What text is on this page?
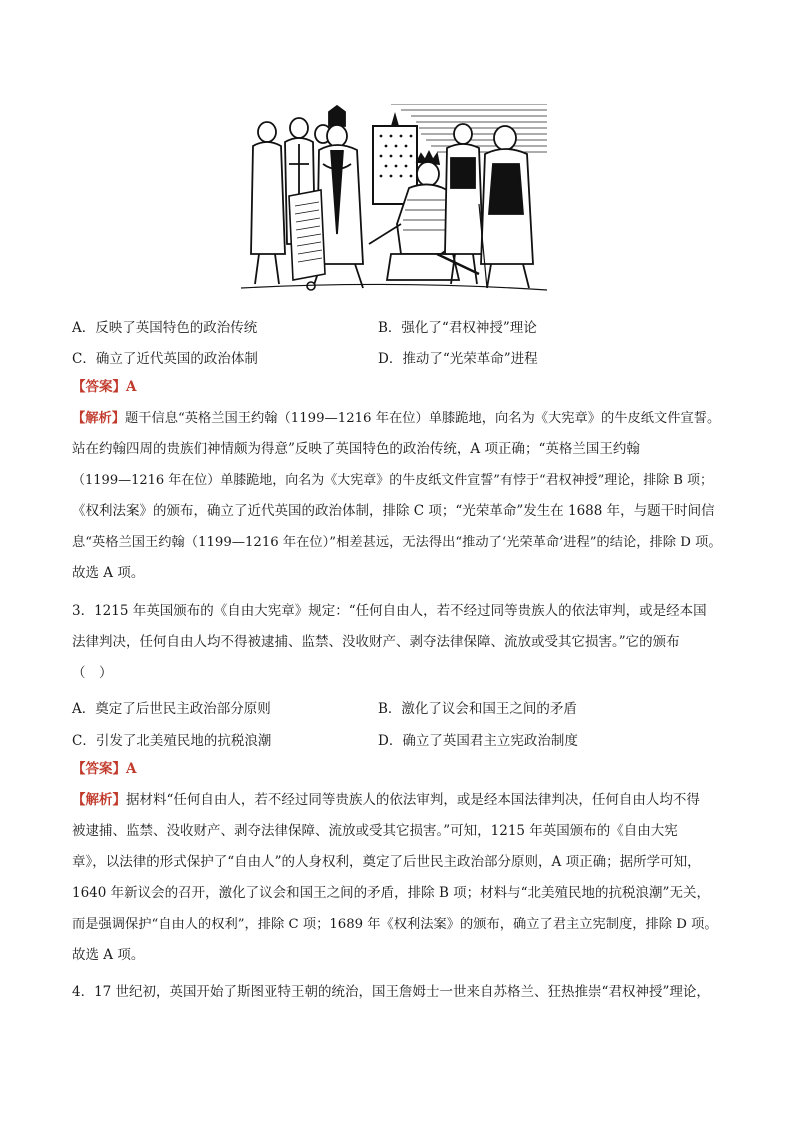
A．反映了英国特色的政治传统	B．强化了“君权神授”理论
C．确立了近代英国的政治体制	D．推动了“光荣革命”进程
【答案】A
【解析】题干信息“英格兰国王约翰（1199—1216 年在位）单膝跪地，向名为《大宪章》的牛皮纸文件宣誓。
站在约翰四周的贵族们神情颇为得意”反映了英国特色的政治传统，A 项正确；“英格兰国王约翰
（1199—1216 年在位）单膝跪地，向名为《大宪章》的牛皮纸文件宣誓”有悖于“君权神授”理论，排除 B 项；
《权利法案》的颁布，确立了近代英国的政治体制，排除 C 项；“光荣革命”发生在 1688 年，与题干时间信
息“英格兰国王约翰（1199—1216 年在位）”相差甚远，无法得出“推动了‘光荣革命’进程”的结论，排除 D 项。
故选 A 项。
3．1215 年英国颁布的《自由大宪章》规定：“任何自由人，若不经过同等贵族人的依法审判，或是经本国
法律判决，任何自由人均不得被逮捕、监禁、没收财产、剥夺法律保障、流放或受其它损害。”它的颁布
（　）
A．奠定了后世民主政治部分原则	B．激化了议会和国王之间的矛盾
C．引发了北美殖民地的抗税浪潮	D．确立了英国君主立宪政治制度
【答案】A
【解析】据材料“任何自由人，若不经过同等贵族人的依法审判，或是经本国法律判决，任何自由人均不得
被逮捕、监禁、没收财产、剥夺法律保障、流放或受其它损害。”可知，1215 年英国颁布的《自由大宪
章》，以法律的形式保护了“自由人”的人身权利，奠定了后世民主政治部分原则，A 项正确；据所学可知，
1640 年新议会的召开，激化了议会和国王之间的矛盾，排除 B 项；材料与“北美殖民地的抗税浪潮”无关，
而是强调保护“自由人的权利”，排除 C 项；1689 年《权利法案》的颁布，确立了君主立宪制度，排除 D 项。
故选 A 项。
4．17 世纪初，英国开始了斯图亚特王朝的统治，国王詹姆士一世来自苏格兰、狂热推崇“君权神授”理论，
